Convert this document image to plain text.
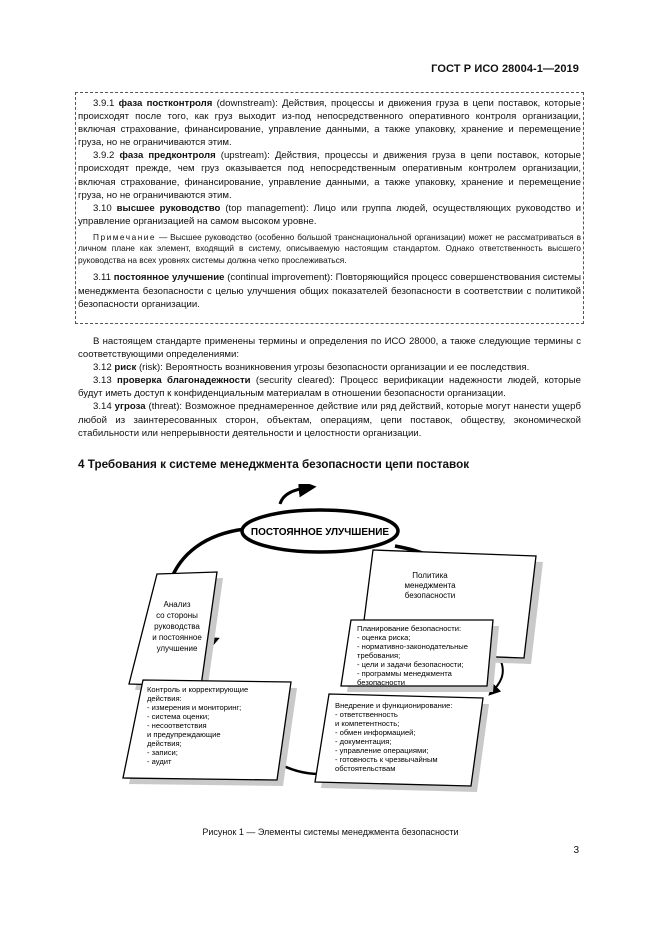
ГОСТ Р ИСО 28004-1—2019

3.9.1 фаза постконтроля (downstream): Действия, процессы и движения груза в цепи поставок, которые происходят после того, как груз выходит из-под непосредственного оперативного контроля организации, включая страхование, финансирование, управление данными, а также упаковку, хранение и перемещение груза, но не ограничиваются этим.

3.9.2 фаза предконтроля (upstream): Действия, процессы и движения груза в цепи поставок, которые происходят прежде, чем груз оказывается под непосредственным оперативным контролем организации, включая страхование, финансирование, управление данными, а также упаковку, хранение и перемещение груза, но не ограничиваются этим.

3.10 высшее руководство (top management): Лицо или группа людей, осуществляющих руководство и управление организацией на самом высоком уровне.

Примечание — Высшее руководство (особенно большой транснациональной организации) может не рассматриваться в личном плане как элемент, входящий в систему, описываемую настоящим стандартом. Однако ответственность высшего руководства на всех уровнях системы должна четко прослеживаться.

3.11 постоянное улучшение (continual improvement): Повторяющийся процесс совершенствования системы менеджмента безопасности с целью улучшения общих показателей безопасности в соответствии с политикой безопасности организации.

В настоящем стандарте применены термины и определения по ИСО 28000, а также следующие термины с соответствующими определениями:

3.12 риск (risk): Вероятность возникновения угрозы безопасности организации и ее последствия.

3.13 проверка благонадежности (security cleared): Процесс верификации надежности людей, которые будут иметь доступ к конфиденциальным материалам в отношении безопасности организации.

3.14 угроза (threat): Возможное преднамеренное действие или ряд действий, которые могут нанести ущерб любой из заинтересованных сторон, объектам, операциям, цепи поставок, обществу, экономической стабильности или непрерывности деятельности и целостности организации.

4 Требования к системе менеджмента безопасности цепи поставок
ПОСТОЯННОЕ УЛУЧШЕНИЕ
Анализ
со стороны
руководства
и постоянное
улучшение
Политика
менеджмента
безопасности
Планирование безопасности:
- оценка риска;
- нормативно-законодательные
требования;
- цели и задачи безопасности;
- программы менеджмента
безопасности
Контроль и корректирующие
действия:
- измерения и мониторинг;
- система оценки;
- несоответствия
и предупреждающие
действия;
- записи;
- аудит
Внедрение и функционирование:
- ответственность
и компетентность;
- обмен информацией;
- документация;
- управление операциями;
- готовность к чрезвычайным
обстоятельствам
Рисунок 1 — Элементы системы менеджмента безопасности
3
